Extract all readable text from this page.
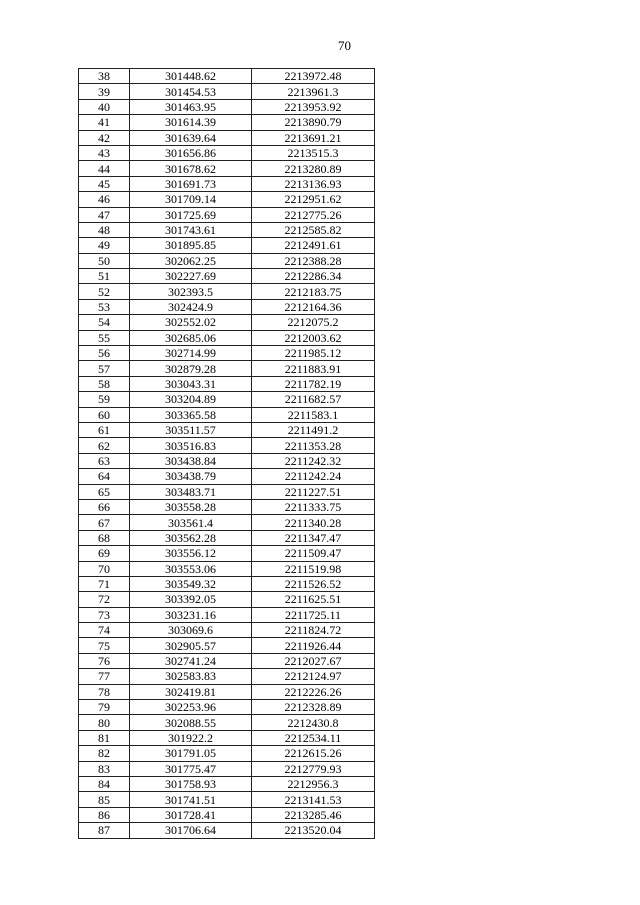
70
38	301448.62	2213972.48
39	301454.53	2213961.3
40	301463.95	2213953.92
41	301614.39	2213890.79
42	301639.64	2213691.21
43	301656.86	2213515.3
44	301678.62	2213280.89
45	301691.73	2213136.93
46	301709.14	2212951.62
47	301725.69	2212775.26
48	301743.61	2212585.82
49	301895.85	2212491.61
50	302062.25	2212388.28
51	302227.69	2212286.34
52	302393.5	2212183.75
53	302424.9	2212164.36
54	302552.02	2212075.2
55	302685.06	2212003.62
56	302714.99	2211985.12
57	302879.28	2211883.91
58	303043.31	2211782.19
59	303204.89	2211682.57
60	303365.58	2211583.1
61	303511.57	2211491.2
62	303516.83	2211353.28
63	303438.84	2211242.32
64	303438.79	2211242.24
65	303483.71	2211227.51
66	303558.28	2211333.75
67	303561.4	2211340.28
68	303562.28	2211347.47
69	303556.12	2211509.47
70	303553.06	2211519.98
71	303549.32	2211526.52
72	303392.05	2211625.51
73	303231.16	2211725.11
74	303069.6	2211824.72
75	302905.57	2211926.44
76	302741.24	2212027.67
77	302583.83	2212124.97
78	302419.81	2212226.26
79	302253.96	2212328.89
80	302088.55	2212430.8
81	301922.2	2212534.11
82	301791.05	2212615.26
83	301775.47	2212779.93
84	301758.93	2212956.3
85	301741.51	2213141.53
86	301728.41	2213285.46
87	301706.64	2213520.04
